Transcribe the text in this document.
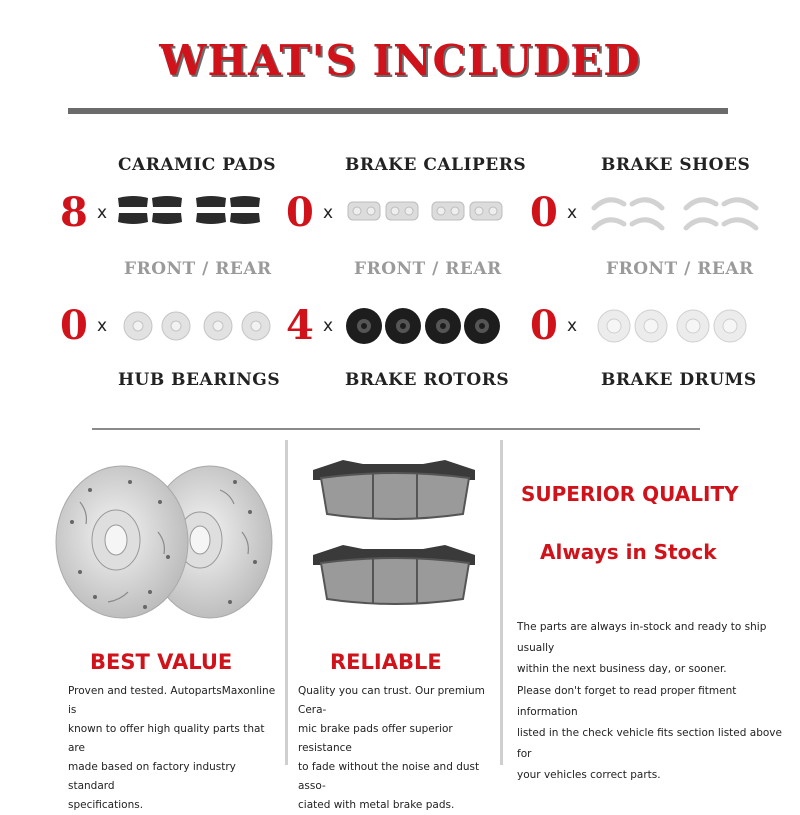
WHAT'S INCLUDED
CARAMIC PADS	BRAKE CALIPERS	BRAKE SHOES
8 x	0 x	0 x
FRONT / REAR	FRONT / REAR	FRONT / REAR
0 x	4 x	0 x
HUB BEARINGS	BRAKE ROTORS	BRAKE DRUMS
BEST VALUE
Proven and tested. AutopartsMaxonline is
known to offer high quality parts that are
made based on factory industry standard
specifications.
RELIABLE
Quality you can trust. Our premium Cera-
mic brake pads offer superior resistance
to fade without the noise and dust asso-
ciated with metal brake pads.
SUPERIOR QUALITY
Always in Stock
The parts are always in-stock and ready to ship usually
within the next business day, or sooner.
Please don't forget to read proper fitment information
listed in the check vehicle fits section listed above for
your vehicles correct parts.
